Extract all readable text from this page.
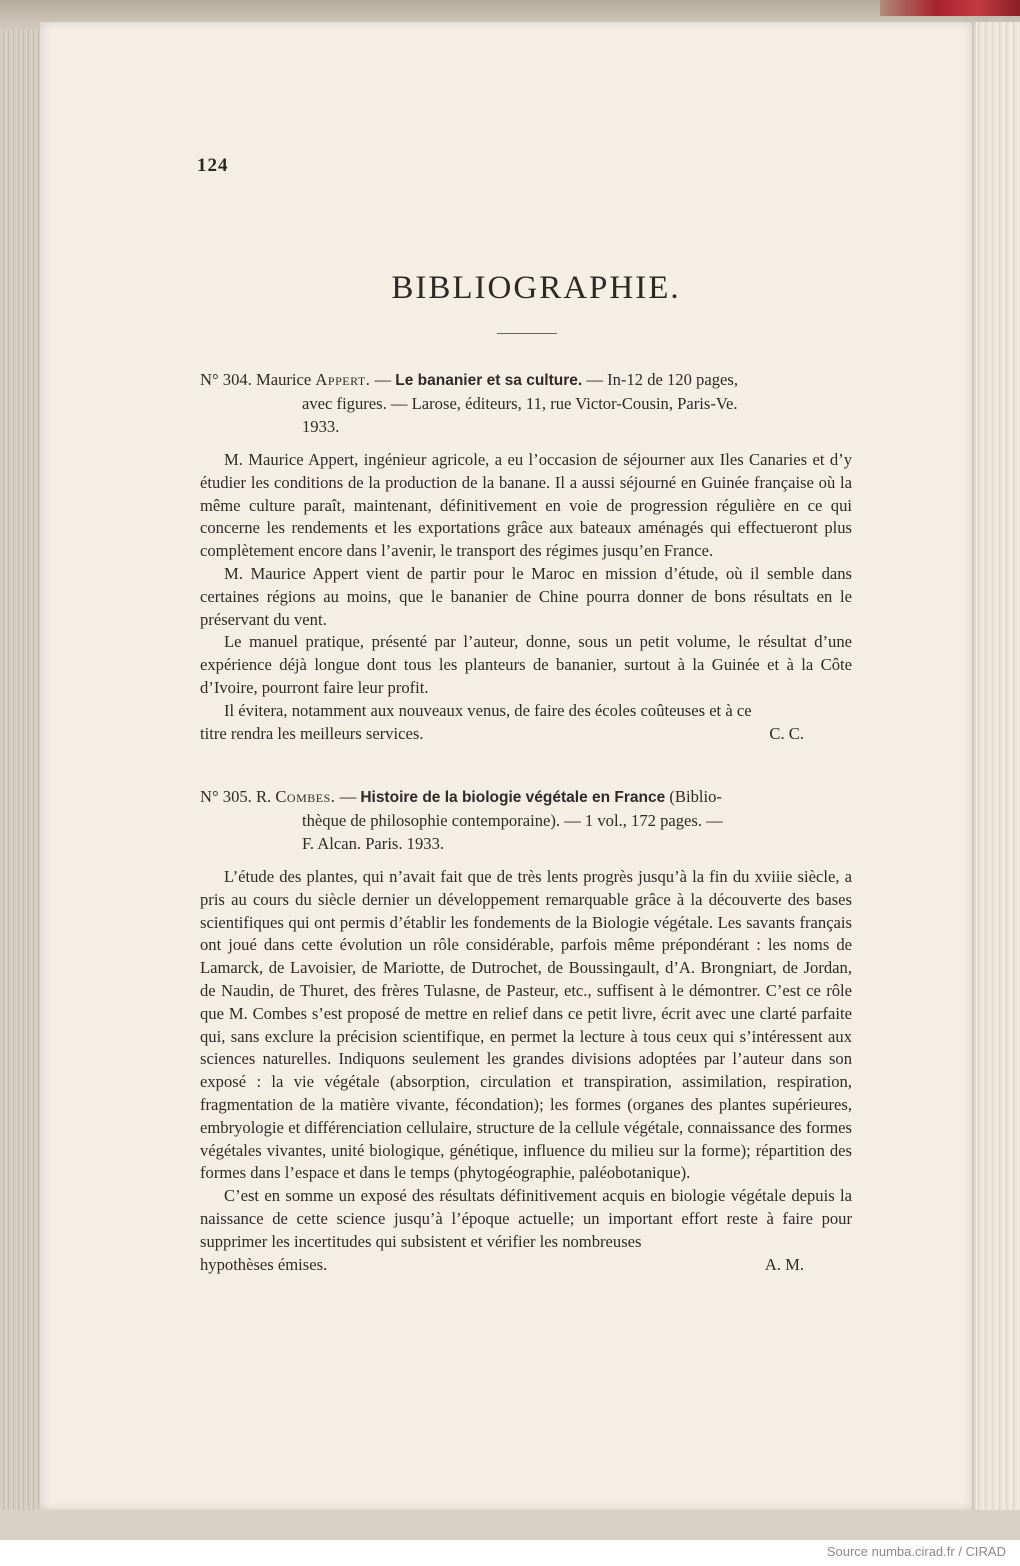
124
BIBLIOGRAPHIE.
N° 304. Maurice Appert. — Le bananier et sa culture. — In-12 de 120 pages,
avec figures. — Larose, éditeurs, 11, rue Victor-Cousin, Paris-Ve.
1933.

M. Maurice Appert, ingénieur agricole, a eu l’occasion de séjourner aux Iles Canaries et d’y étudier les conditions de la production de la banane. Il a aussi séjourné en Guinée française où la même culture paraît, maintenant, définitivement en voie de progression régulière en ce qui concerne les rendements et les exportations grâce aux bateaux aménagés qui effectueront plus complètement encore dans l’avenir, le transport des régimes jusqu’en France.

M. Maurice Appert vient de partir pour le Maroc en mission d’étude, où il semble dans certaines régions au moins, que le bananier de Chine pourra donner de bons résultats en le préservant du vent.

Le manuel pratique, présenté par l’auteur, donne, sous un petit volume, le résultat d’une expérience déjà longue dont tous les planteurs de bananier, surtout à la Guinée et à la Côte d’Ivoire, pourront faire leur profit.

Il évitera, notamment aux nouveaux venus, de faire des écoles coûteuses et à ce

titre rendra les meilleurs services.	C. C.
N° 305. R. Combes. — Histoire de la biologie végétale en France (Biblio-
thèque de philosophie contemporaine). — 1 vol., 172 pages. —
F. Alcan. Paris. 1933.

L’étude des plantes, qui n’avait fait que de très lents progrès jusqu’à la fin du xviiie siècle, a pris au cours du siècle dernier un développement remarquable grâce à la découverte des bases scientifiques qui ont permis d’établir les fondements de la Biologie végétale. Les savants français ont joué dans cette évolution un rôle considérable, parfois même prépondérant : les noms de Lamarck, de Lavoisier, de Mariotte, de Dutrochet, de Boussingault, d’A. Brongniart, de Jordan, de Naudin, de Thuret, des frères Tulasne, de Pasteur, etc., suffisent à le démontrer. C’est ce rôle que M. Combes s’est proposé de mettre en relief dans ce petit livre, écrit avec une clarté parfaite qui, sans exclure la précision scientifique, en permet la lecture à tous ceux qui s’intéressent aux sciences naturelles. Indiquons seulement les grandes divisions adoptées par l’auteur dans son exposé : la vie végétale (absorption, circulation et transpiration, assimilation, respiration, fragmentation de la matière vivante, fécondation); les formes (organes des plantes supérieures, embryologie et différenciation cellulaire, structure de la cellule végétale, connaissance des formes végétales vivantes, unité biologique, génétique, influence du milieu sur la forme); répartition des formes dans l’espace et dans le temps (phytogéographie, paléobotanique).

C’est en somme un exposé des résultats définitivement acquis en biologie végétale depuis la naissance de cette science jusqu’à l’époque actuelle; un important effort reste à faire pour supprimer les incertitudes qui subsistent et vérifier les nombreuses

hypothèses émises.	A. M.
Source numba.cirad.fr / CIRAD
